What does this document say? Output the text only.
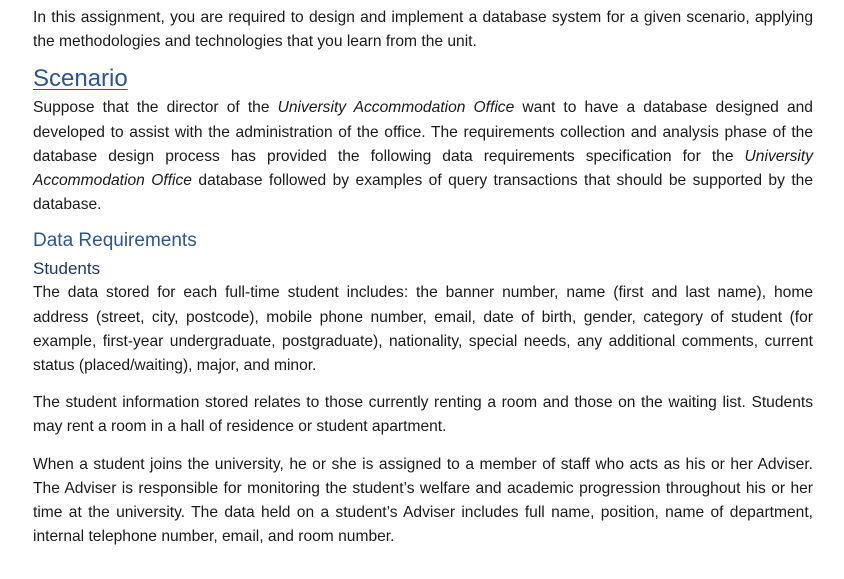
In this assignment, you are required to design and implement a database system for a given scenario, applying the methodologies and technologies that you learn from the unit.

Scenario

Suppose that the director of the University Accommodation Office want to have a database designed and developed to assist with the administration of the office. The requirements collection and analysis phase of the database design process has provided the following data requirements specification for the University Accommodation Office database followed by examples of query transactions that should be supported by the database.

Data Requirements
Students

The data stored for each full-time student includes: the banner number, name (first and last name), home address (street, city, postcode), mobile phone number, email, date of birth, gender, category of student (for example, first-year undergraduate, postgraduate), nationality, special needs, any additional comments, current status (placed/waiting), major, and minor.

The student information stored relates to those currently renting a room and those on the waiting list. Students may rent a room in a hall of residence or student apartment.

When a student joins the university, he or she is assigned to a member of staff who acts as his or her Adviser. The Adviser is responsible for monitoring the student’s welfare and academic progression throughout his or her time at the university. The data held on a student’s Adviser includes full name, position, name of department, internal telephone number, email, and room number.
